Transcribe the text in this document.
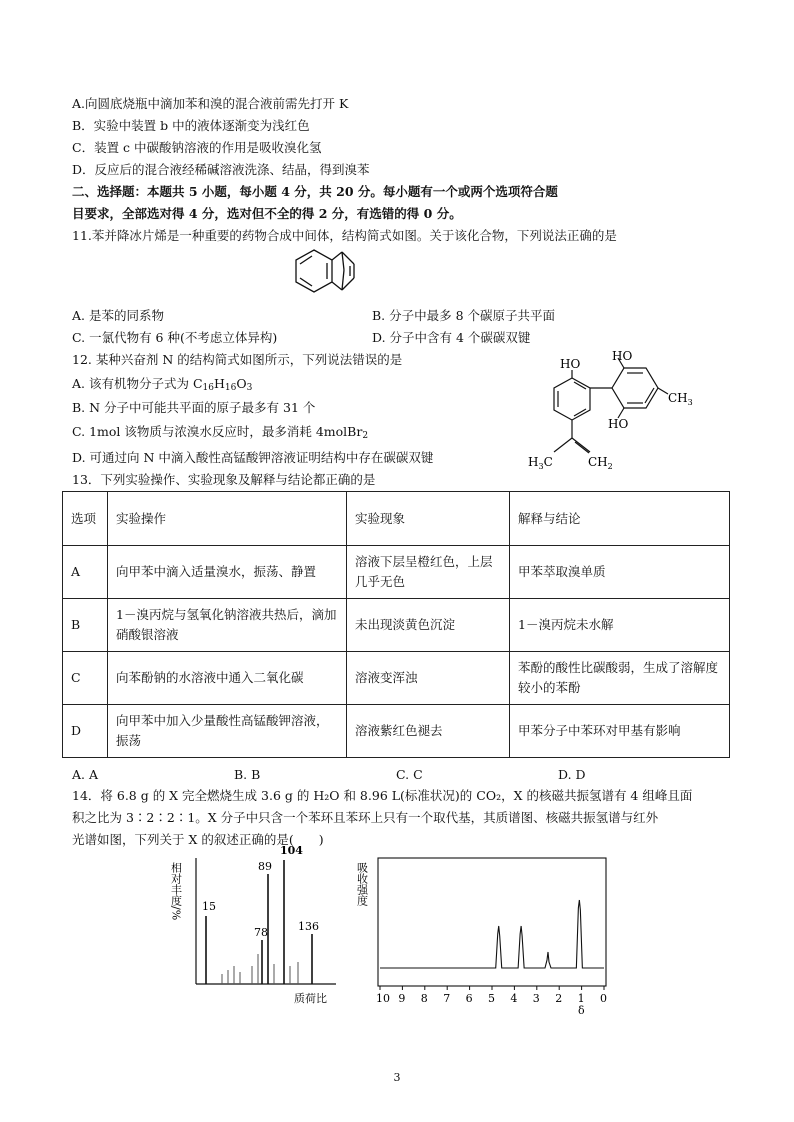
A.向圆底烧瓶中滴加苯和溴的混合液前需先打开 K
B．实验中装置 b 中的液体逐渐变为浅红色
C．装置 c 中碳酸钠溶液的作用是吸收溴化氢
D．反应后的混合液经稀碱溶液洗涤、结晶，得到溴苯
二、选择题：本题共 5 小题，每小题 4 分，共 20 分。每小题有一个或两个选项符合题
目要求，全部选对得 4 分，选对但不全的得 2 分，有选错的得 0 分。
11.苯并降冰片烯是一种重要的药物合成中间体，结构简式如图。关于该化合物，下列说法正确的是
A. 是苯的同系物	B. 分子中最多 8 个碳原子共平面
C. 一氯代物有 6 种(不考虑立体异构)	D. 分子中含有 4 个碳碳双键
12. 某种兴奋剂 N 的结构简式如图所示，下列说法错误的是
A. 该有机物分子式为 $C_{16}H_{16}O_3$
B. N 分子中可能共平面的原子最多有 31 个
C. 1mol 该物质与浓溴水反应时，最多消耗 4molBr$_2$
D. 可通过向 N 中滴入酸性高锰酸钾溶液证明结构中存在碳碳双键
HO
HO
HO
$CH_3$
$H_3C$	$CH_2$
13．下列实验操作、实验现象及解释与结论都正确的是
选项	实验操作	实验现象	解释与结论
A	向甲苯中滴入适量溴水，振荡、静置	溶液下层呈橙红色，上层几乎无色	甲苯萃取溴单质
B	1－溴丙烷与氢氧化钠溶液共热后，滴加硝酸银溶液	未出现淡黄色沉淀	1－溴丙烷未水解
C	向苯酚钠的水溶液中通入二氧化碳	溶液变浑浊	苯酚的酸性比碳酸弱，生成了溶解度较小的苯酚
D	向甲苯中加入少量酸性高锰酸钾溶液，振荡	溶液紫红色褪去	甲苯分子中苯环对甲基有影响
A. A	B. B	C. C	D. D
14．将 6.8 g 的 X 完全燃烧生成 3.6 g 的 H₂O 和 8.96 L(标准状况)的 CO₂，X 的核磁共振氢谱有 4 组峰且面
积之比为 3∶2∶2∶1。X 分子中只含一个苯环且苯环上只有一个取代基，其质谱图、核磁共振氢谱与红外
光谱如图，下列关于 X 的叙述正确的是(　　)
相对丰度/%
质荷比
15
78
89
104
136
吸收强度
10 9 8 7 6 5 4 3 2 1 0
δ
3
